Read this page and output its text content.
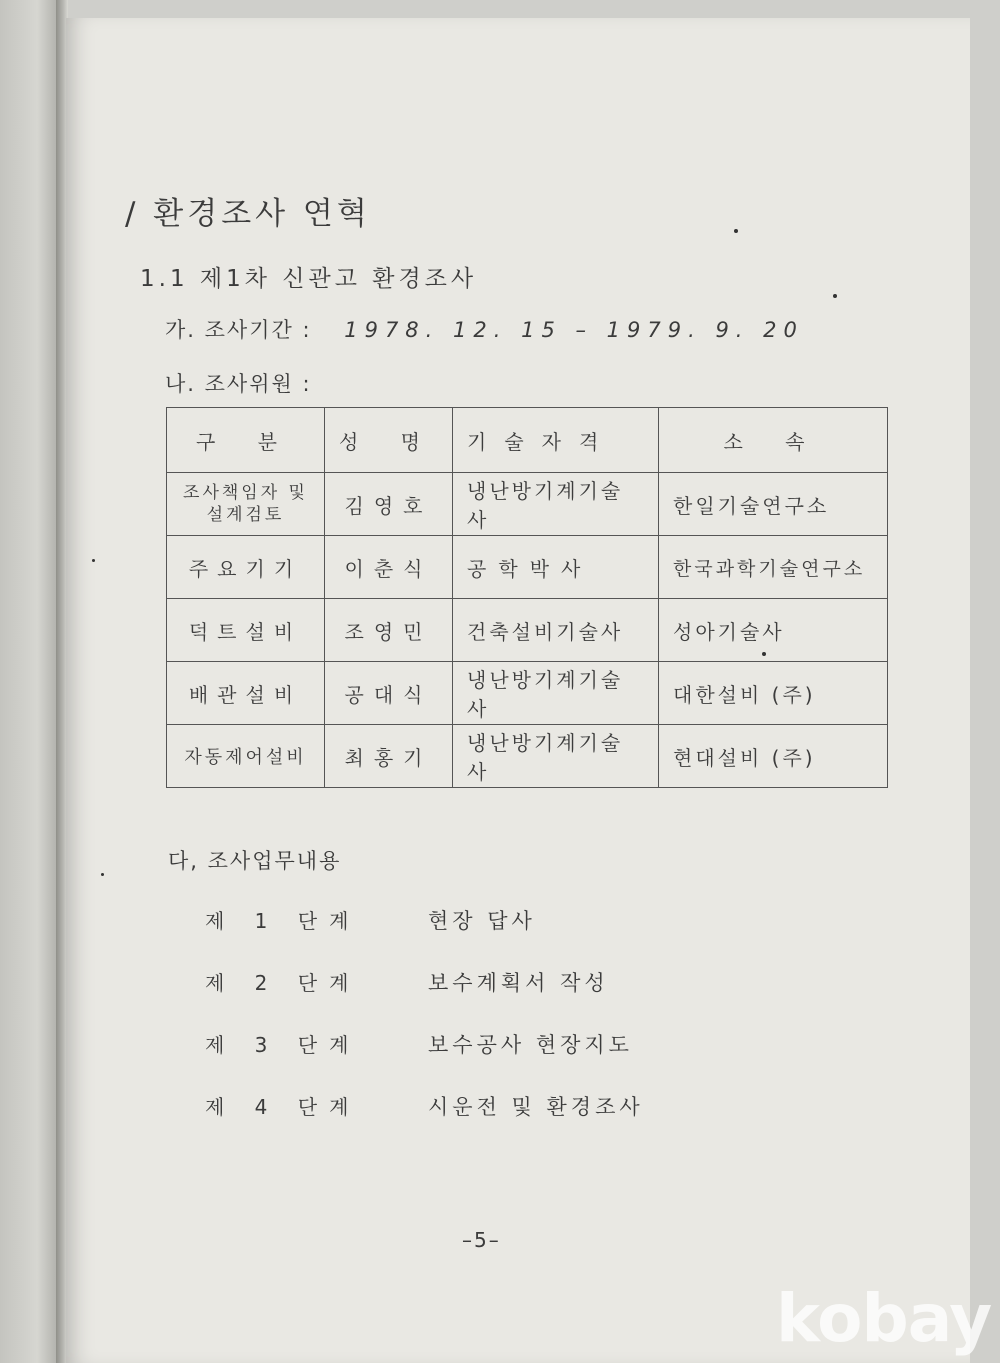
/ 환경조사 연혁
1.1 제1차 신관고 환경조사
가. 조사기간 : 1978. 12. 15 – 1979. 9. 20
나. 조사위원 :
구 분	성 명	기술자격	소 속
조사책임자 및 설계검토	김영호	냉난방기계기술사	한일기술연구소
주요기기	이춘식	공학박사	한국과학기술연구소
덕트설비	조영민	건축설비기술사	성아기술사
배관설비	공대식	냉난방기계기술사	대한설비 (주)
자동제어설비	최홍기	냉난방기계기술사	현대설비 (주)
다, 조사업무내용
제 1 단계	현장 답사
제 2 단계	보수계획서 작성
제 3 단계	보수공사 현장지도
제 4 단계	시운전 및 환경조사
–5–
kobay
